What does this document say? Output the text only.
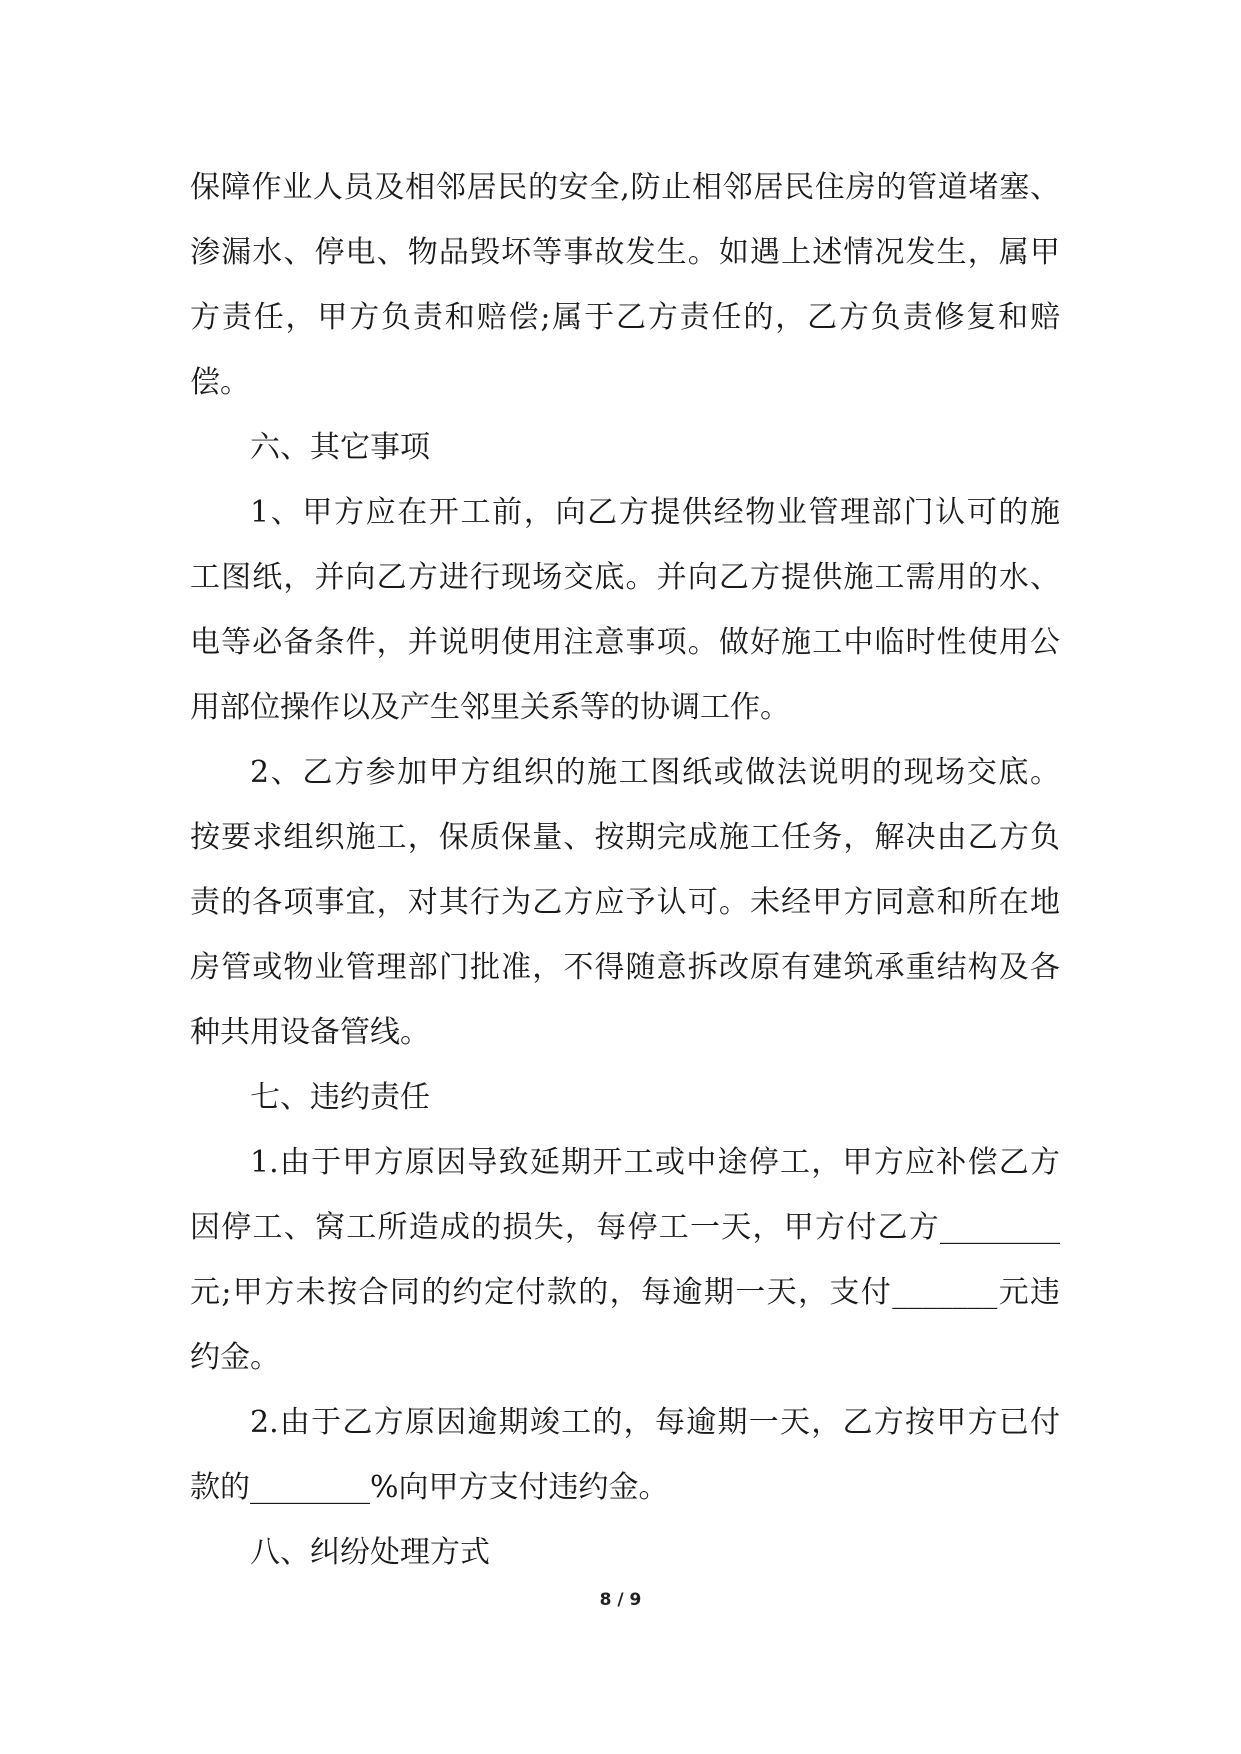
保障作业人员及相邻居民的安全,防止相邻居民住房的管道堵塞、
渗漏水、停电、物品毁坏等事故发生。如遇上述情况发生，属甲
方责任，甲方负责和赔偿;属于乙方责任的，乙方负责修复和赔
偿。
六、其它事项
1、甲方应在开工前，向乙方提供经物业管理部门认可的施
工图纸，并向乙方进行现场交底。并向乙方提供施工需用的水、
电等必备条件，并说明使用注意事项。做好施工中临时性使用公
用部位操作以及产生邻里关系等的协调工作。
2、乙方参加甲方组织的施工图纸或做法说明的现场交底。
按要求组织施工，保质保量、按期完成施工任务，解决由乙方负
责的各项事宜，对其行为乙方应予认可。未经甲方同意和所在地
房管或物业管理部门批准，不得随意拆改原有建筑承重结构及各
种共用设备管线。
七、违约责任
1.由于甲方原因导致延期开工或中途停工，甲方应补偿乙方
因停工、窝工所造成的损失，每停工一天，甲方付乙方________
元;甲方未按合同的约定付款的，每逾期一天，支付_______元违
约金。
2.由于乙方原因逾期竣工的，每逾期一天，乙方按甲方已付
款的________%向甲方支付违约金。
八、纠纷处理方式
8 / 9
